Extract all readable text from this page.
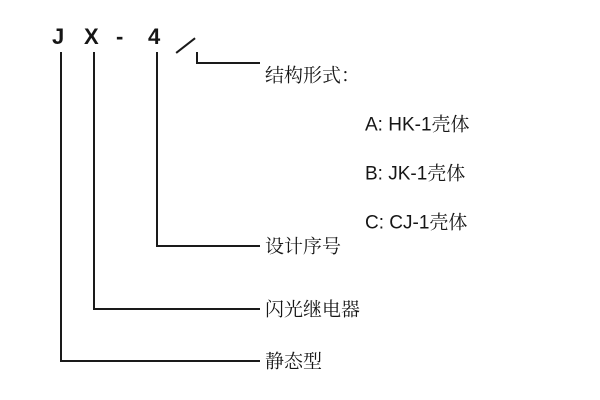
J X - 4
结构形式：
设计序号
闪光继电器
静态型
A: HK-1壳体
B: JK-1壳体
C: CJ-1壳体
